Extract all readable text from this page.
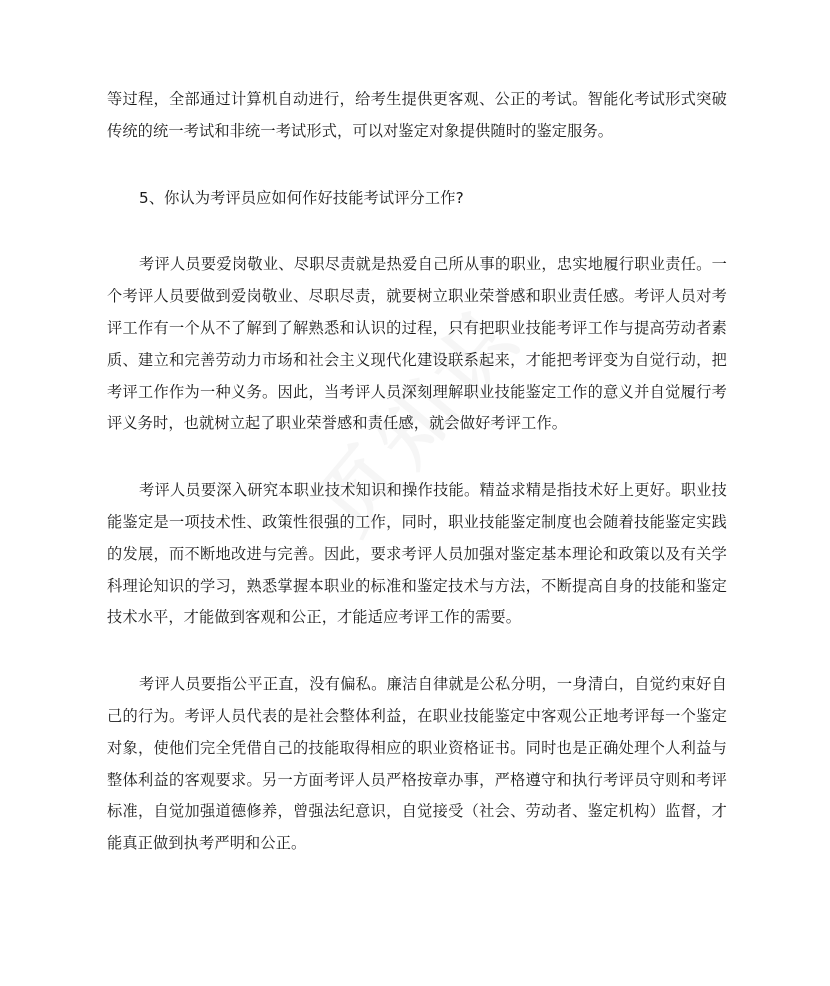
等过程，全部通过计算机自动进行，给考生提供更客观、公正的考试。智能化考试形式突破传统的统一考试和非统一考试形式，可以对鉴定对象提供随时的鉴定服务。

5、你认为考评员应如何作好技能考试评分工作?

考评人员要爱岗敬业、尽职尽责就是热爱自己所从事的职业，忠实地履行职业责任。一个考评人员要做到爱岗敬业、尽职尽责，就要树立职业荣誉感和职业责任感。考评人员对考评工作有一个从不了解到了解熟悉和认识的过程，只有把职业技能考评工作与提高劳动者素质、建立和完善劳动力市场和社会主义现代化建设联系起来，才能把考评变为自觉行动，把考评工作作为一种义务。因此，当考评人员深刻理解职业技能鉴定工作的意义并自觉履行考评义务时，也就树立起了职业荣誉感和责任感，就会做好考评工作。

考评人员要深入研究本职业技术知识和操作技能。精益求精是指技术好上更好。职业技能鉴定是一项技术性、政策性很强的工作，同时，职业技能鉴定制度也会随着技能鉴定实践的发展，而不断地改进与完善。因此，要求考评人员加强对鉴定基本理论和政策以及有关学科理论知识的学习，熟悉掌握本职业的标准和鉴定技术与方法，不断提高自身的技能和鉴定技术水平，才能做到客观和公正，才能适应考评工作的需要。

考评人员要指公平正直，没有偏私。廉洁自律就是公私分明，一身清白，自觉约束好自己的行为。考评人员代表的是社会整体利益，在职业技能鉴定中客观公正地考评每一个鉴定对象，使他们完全凭借自己的技能取得相应的职业资格证书。同时也是正确处理个人利益与整体利益的客观要求。另一方面考评人员严格按章办事，严格遵守和执行考评员守则和考评标准，自觉加强道德修养，曾强法纪意识，自觉接受（社会、劳动者、鉴定机构）监督，才能真正做到执考严明和公正。
